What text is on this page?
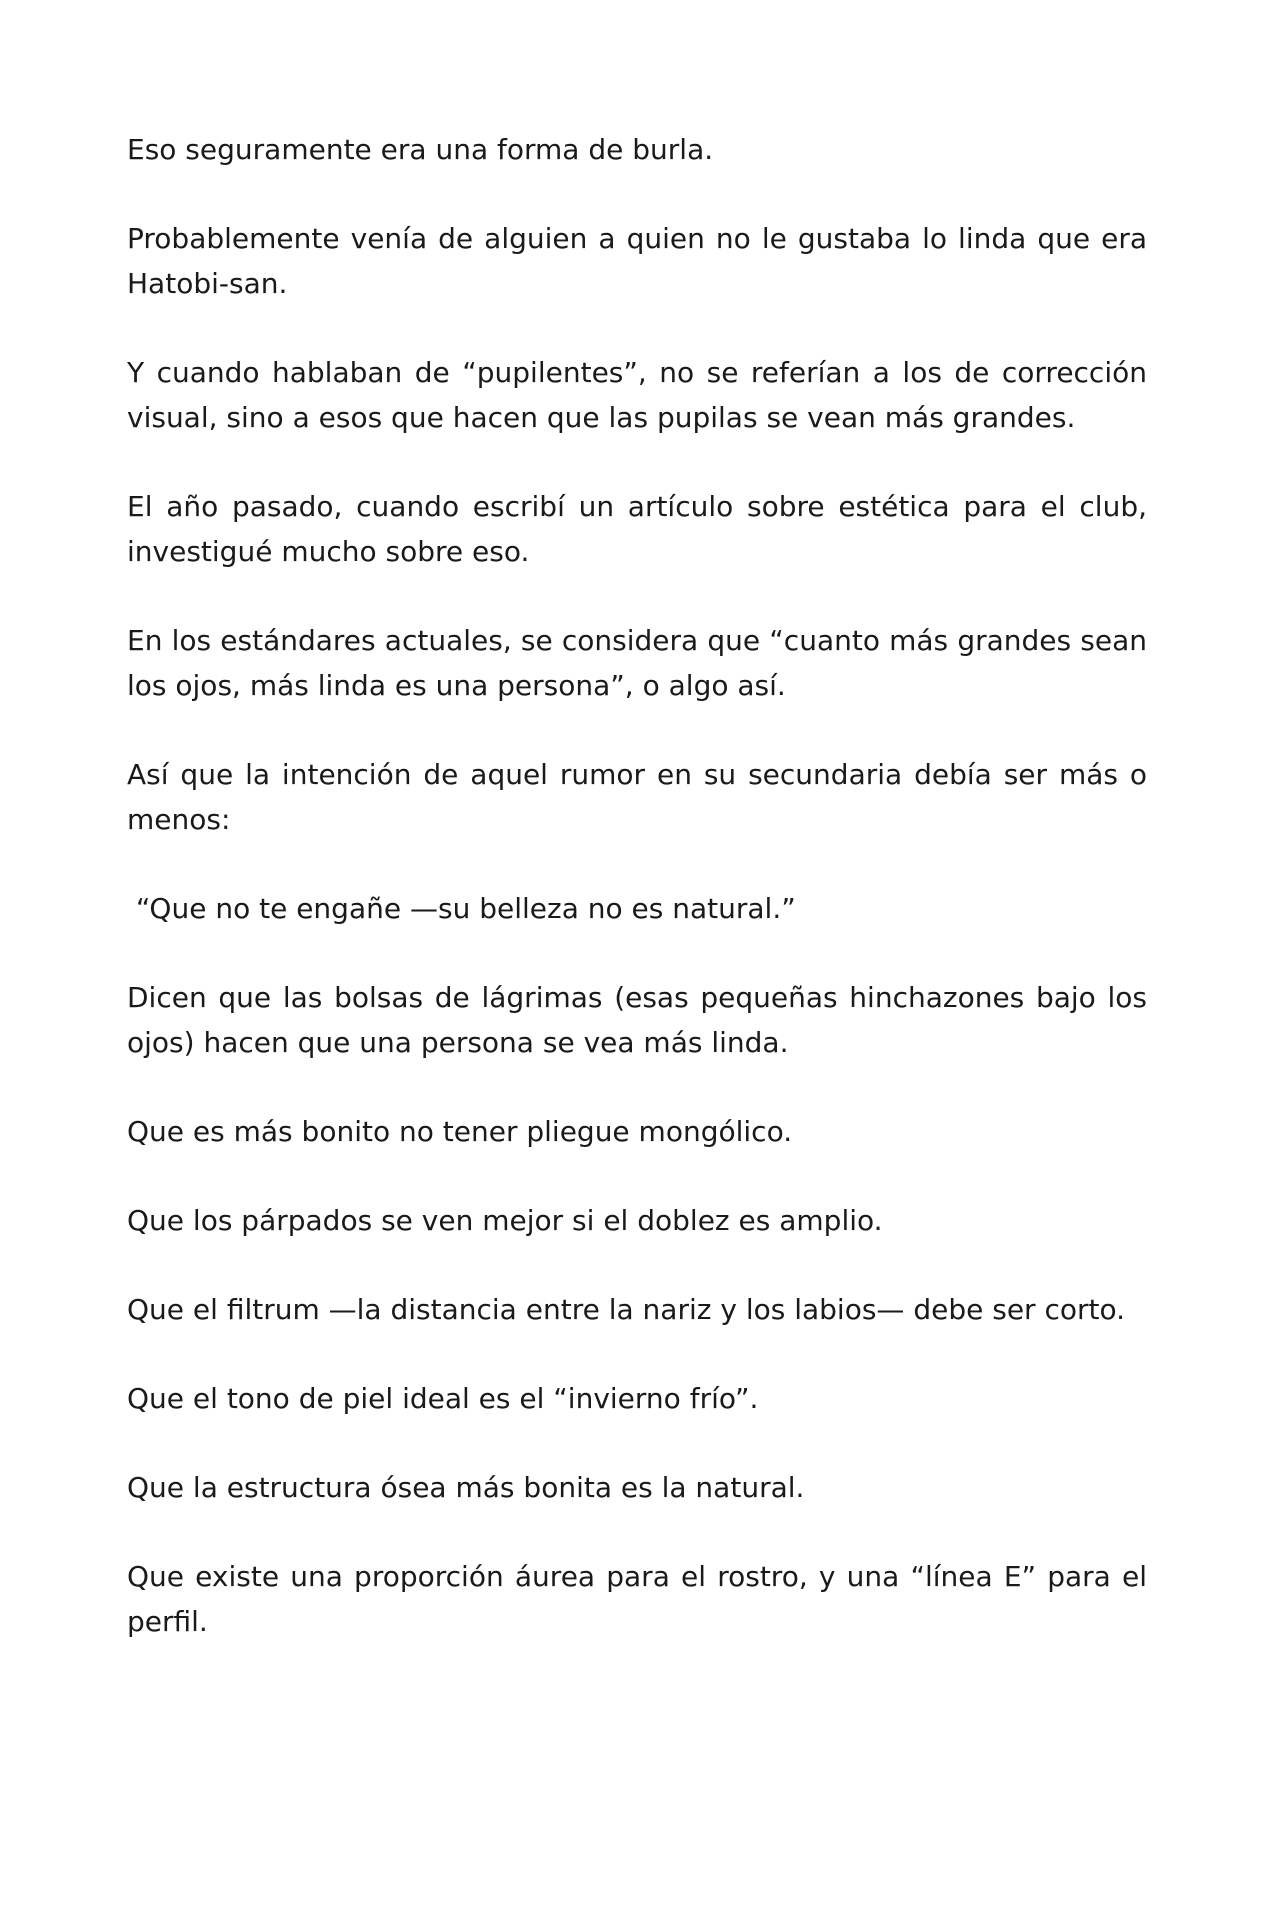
Eso seguramente era una forma de burla.

Probablemente venía de alguien a quien no le gustaba lo linda que era Hatobi-san.

Y cuando hablaban de “pupilentes”, no se referían a los de corrección visual, sino a esos que hacen que las pupilas se vean más grandes.

El año pasado, cuando escribí un artículo sobre estética para el club, investigué mucho sobre eso.

En los estándares actuales, se considera que “cuanto más grandes sean los ojos, más linda es una persona”, o algo así.

Así que la intención de aquel rumor en su secundaria debía ser más o menos:

“Que no te engañe —su belleza no es natural.”

Dicen que las bolsas de lágrimas (esas pequeñas hinchazones bajo los ojos) hacen que una persona se vea más linda.

Que es más bonito no tener pliegue mongólico.

Que los párpados se ven mejor si el doblez es amplio.

Que el filtrum —la distancia entre la nariz y los labios— debe ser corto.

Que el tono de piel ideal es el “invierno frío”.

Que la estructura ósea más bonita es la natural.

Que existe una proporción áurea para el rostro, y una “línea E” para el perfil.
